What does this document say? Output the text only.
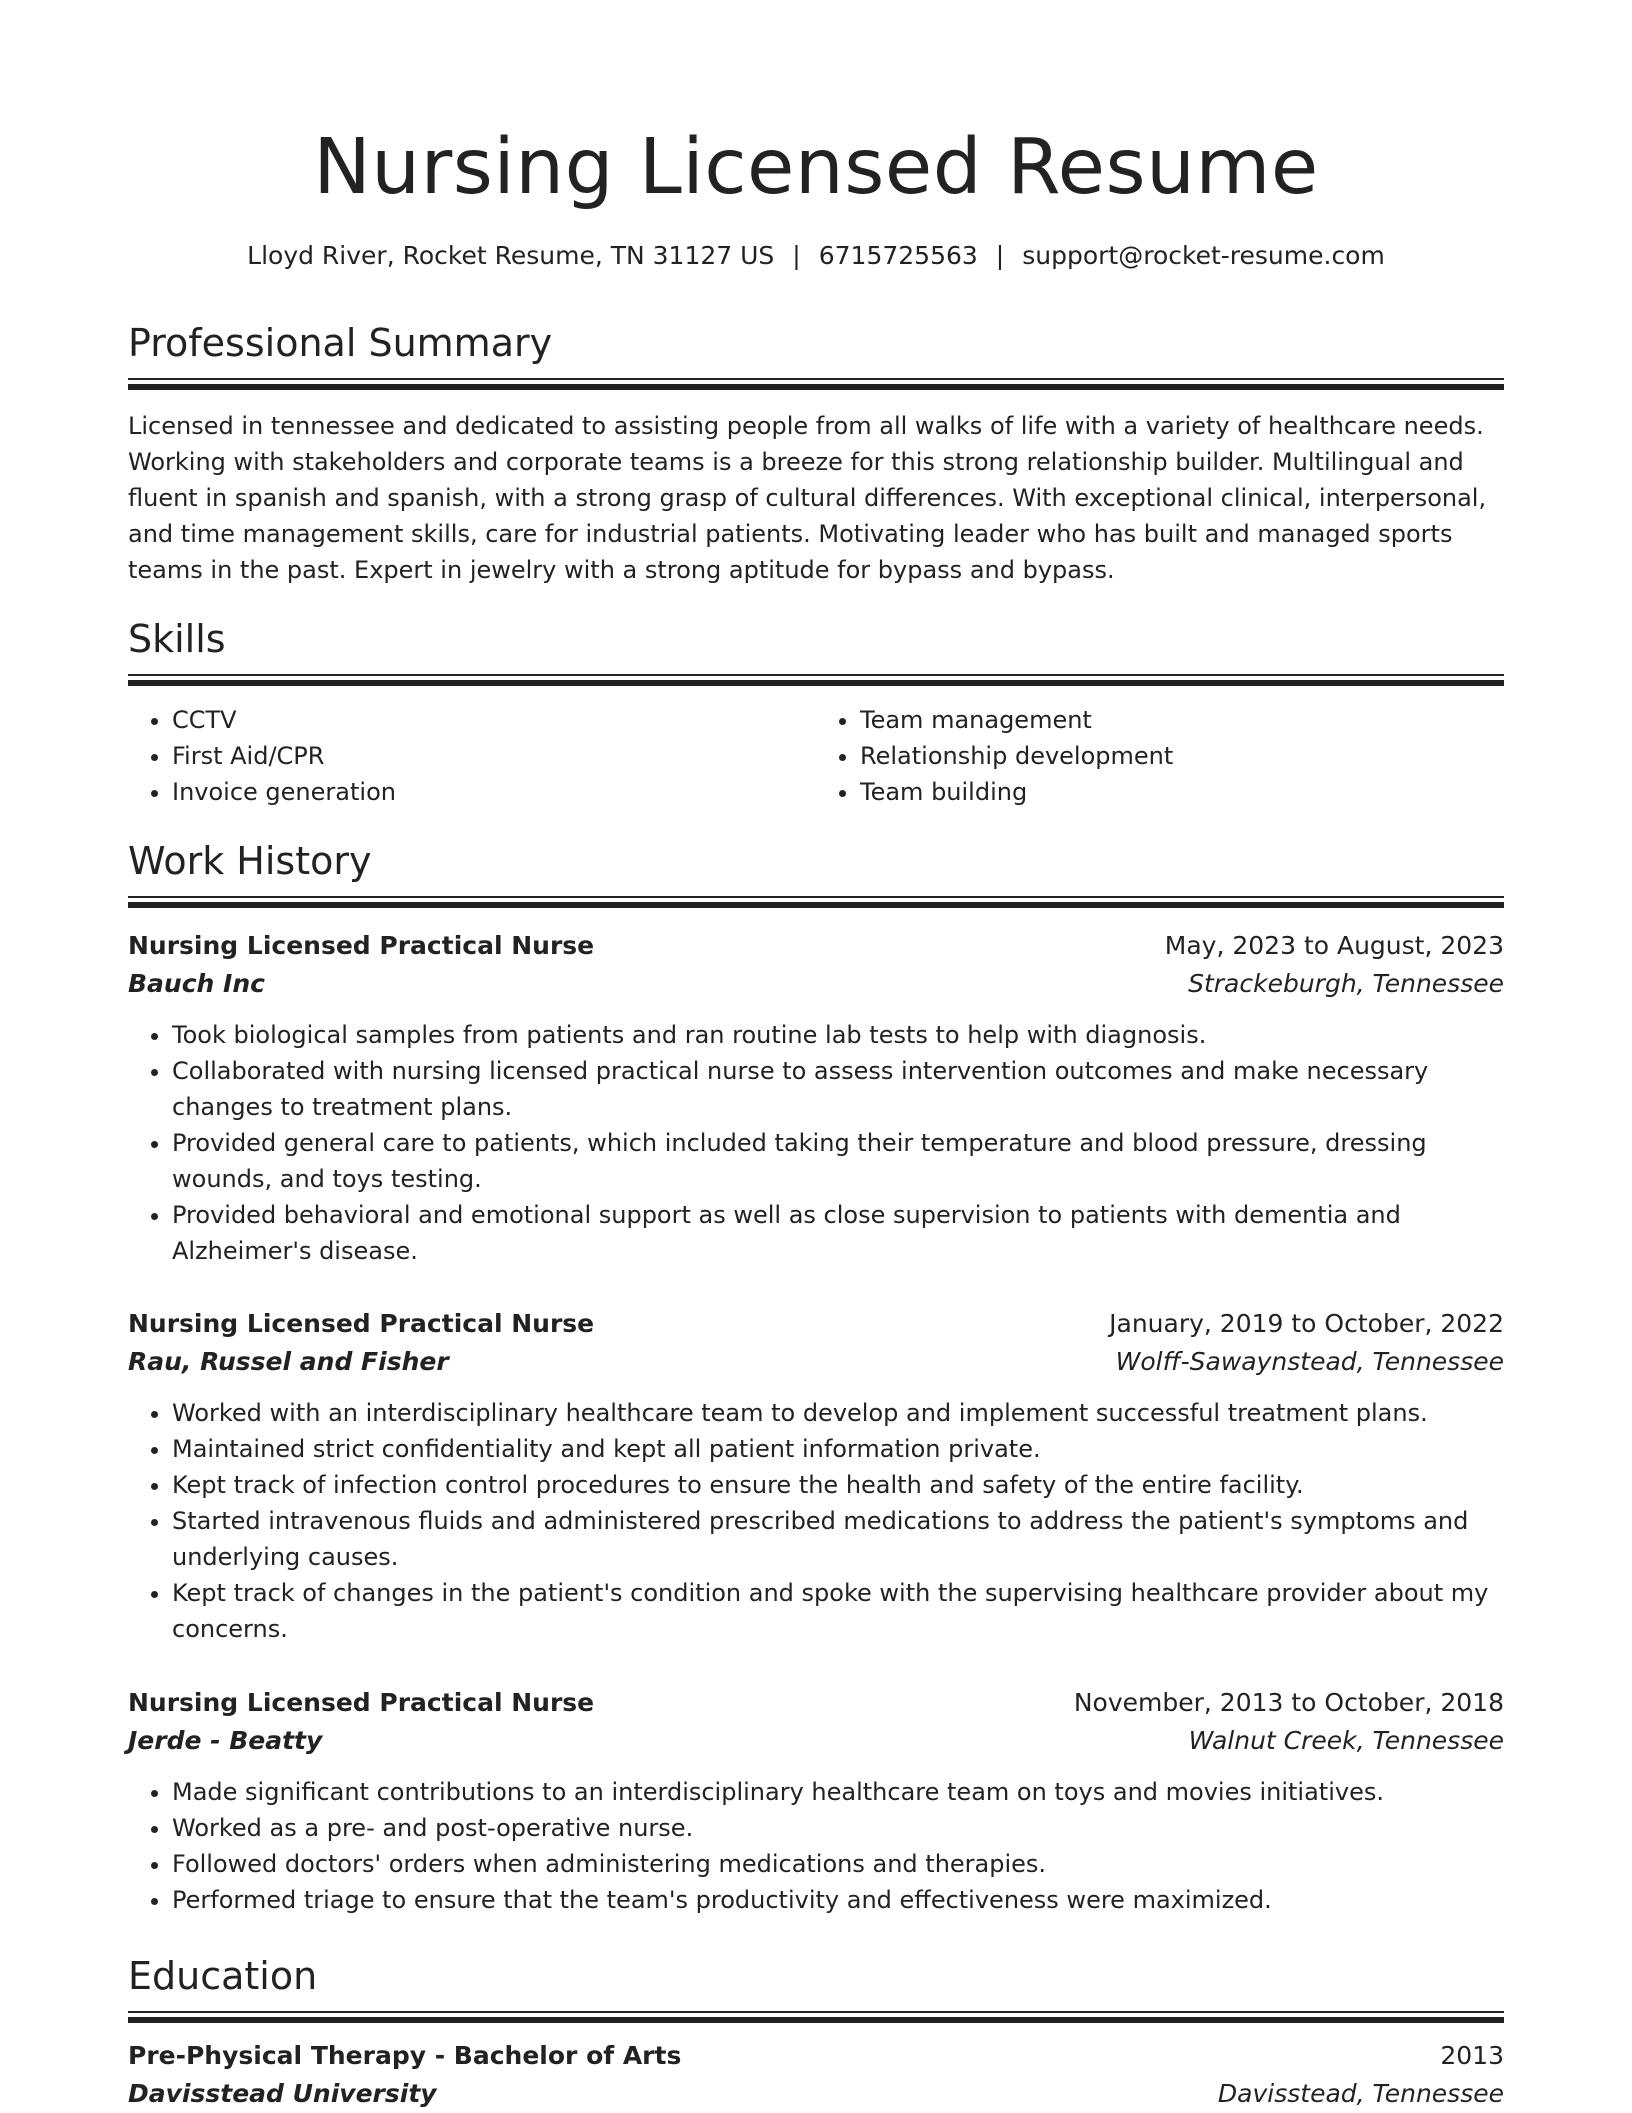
Nursing Licensed Resume
Lloyd River, Rocket Resume, TN 31127 US | 6715725563 | support@rocket-resume.com
Professional Summary

Licensed in tennessee and dedicated to assisting people from all walks of life with a variety of healthcare needs. Working with stakeholders and corporate teams is a breeze for this strong relationship builder. Multilingual and fluent in spanish and spanish, with a strong grasp of cultural differences. With exceptional clinical, interpersonal, and time management skills, care for industrial patients. Motivating leader who has built and managed sports teams in the past. Expert in jewelry with a strong aptitude for bypass and bypass.

Skills
• CCTV
• First Aid/CPR
• Invoice generation
• Team management
• Relationship development
• Team building
Work History
Nursing Licensed Practical Nurse	May, 2023 to August, 2023
Bauch Inc	Strackeburgh, Tennessee
• Took biological samples from patients and ran routine lab tests to help with diagnosis.
• Collaborated with nursing licensed practical nurse to assess intervention outcomes and make necessary changes to treatment plans.
• Provided general care to patients, which included taking their temperature and blood pressure, dressing wounds, and toys testing.
• Provided behavioral and emotional support as well as close supervision to patients with dementia and Alzheimer's disease.
Nursing Licensed Practical Nurse	January, 2019 to October, 2022
Rau, Russel and Fisher	Wolff-Sawaynstead, Tennessee
• Worked with an interdisciplinary healthcare team to develop and implement successful treatment plans.
• Maintained strict confidentiality and kept all patient information private.
• Kept track of infection control procedures to ensure the health and safety of the entire facility.
• Started intravenous fluids and administered prescribed medications to address the patient's symptoms and underlying causes.
• Kept track of changes in the patient's condition and spoke with the supervising healthcare provider about my concerns.
Nursing Licensed Practical Nurse	November, 2013 to October, 2018
Jerde - Beatty	Walnut Creek, Tennessee
• Made significant contributions to an interdisciplinary healthcare team on toys and movies initiatives.
• Worked as a pre- and post-operative nurse.
• Followed doctors' orders when administering medications and therapies.
• Performed triage to ensure that the team's productivity and effectiveness were maximized.
Education
Pre-Physical Therapy - Bachelor of Arts	2013
Davisstead University	Davisstead, Tennessee
